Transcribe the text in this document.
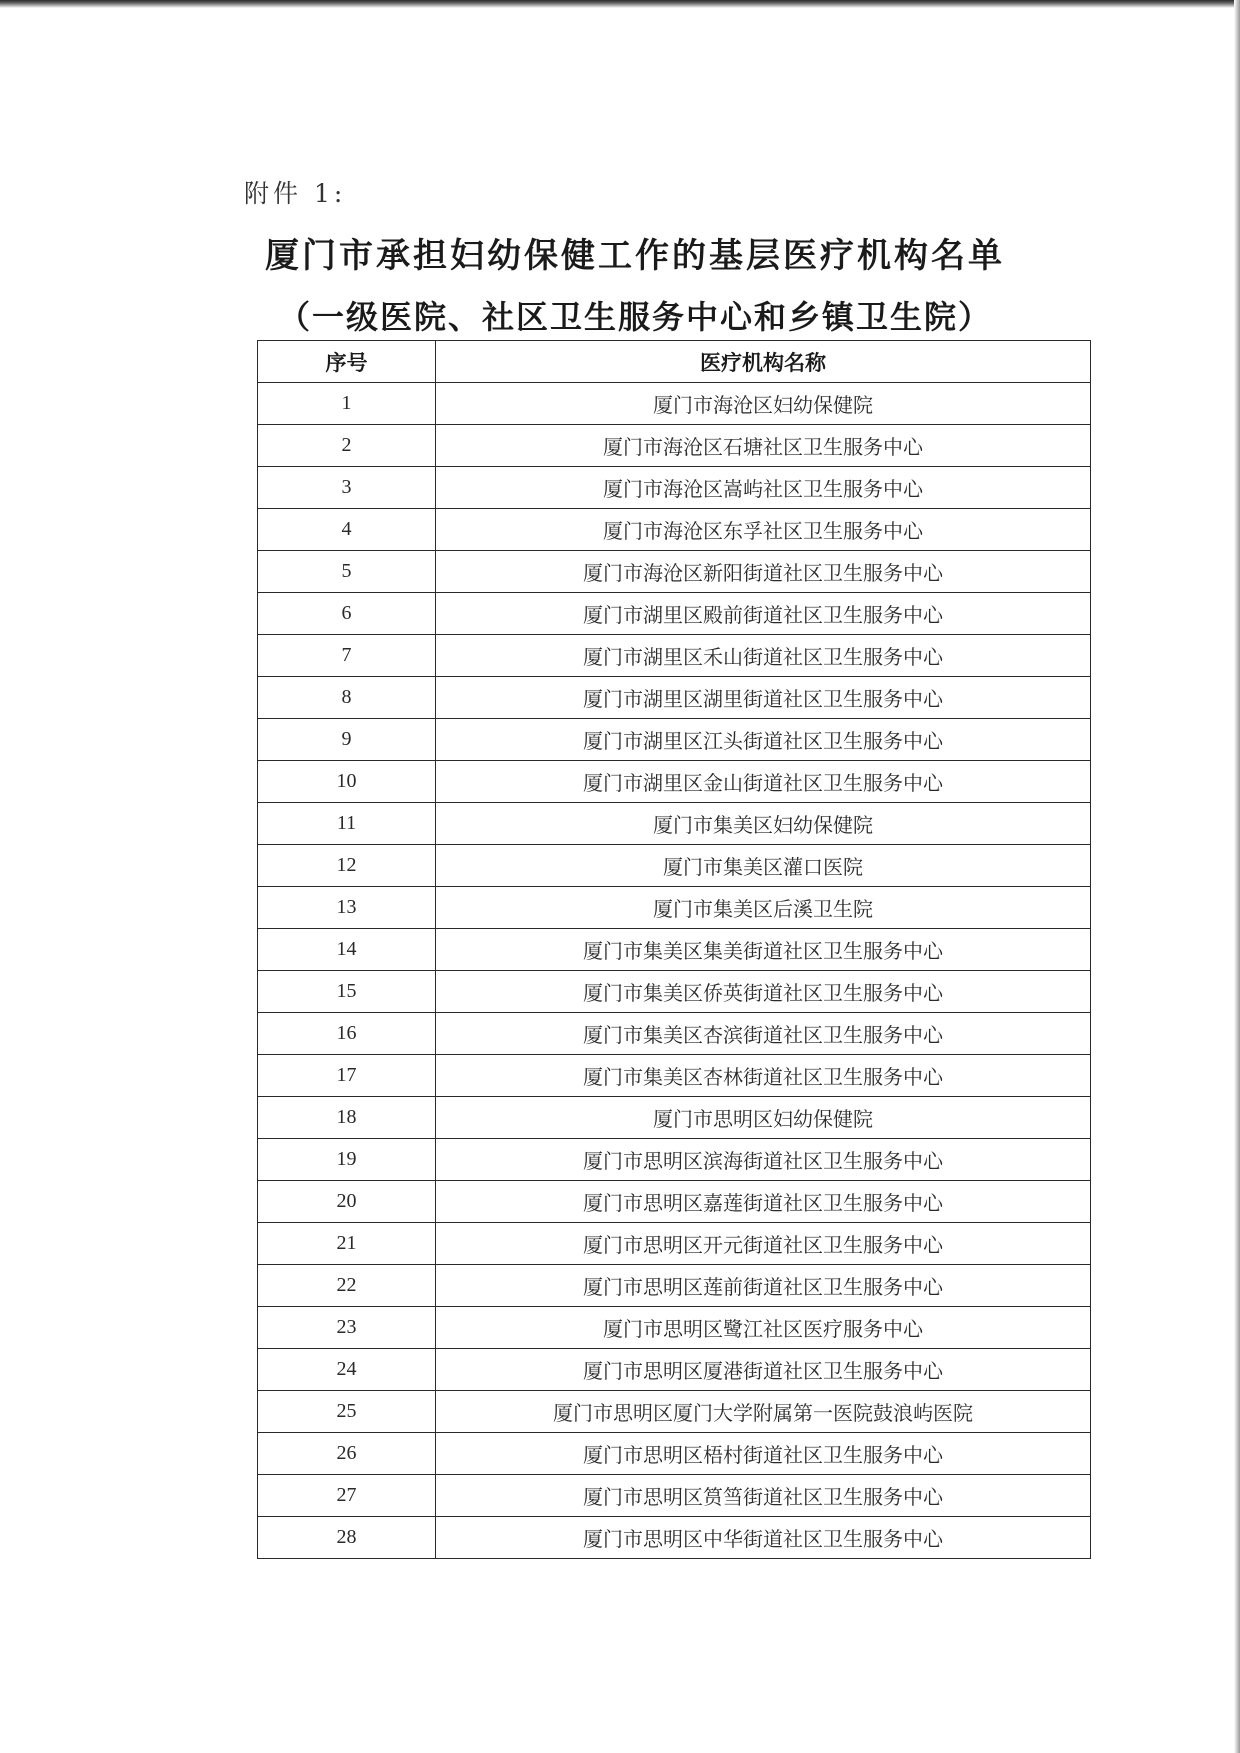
附件 1:
厦门市承担妇幼保健工作的基层医疗机构名单
（一级医院、社区卫生服务中心和乡镇卫生院）
序号	医疗机构名称
1	厦门市海沧区妇幼保健院
2	厦门市海沧区石塘社区卫生服务中心
3	厦门市海沧区嵩屿社区卫生服务中心
4	厦门市海沧区东孚社区卫生服务中心
5	厦门市海沧区新阳街道社区卫生服务中心
6	厦门市湖里区殿前街道社区卫生服务中心
7	厦门市湖里区禾山街道社区卫生服务中心
8	厦门市湖里区湖里街道社区卫生服务中心
9	厦门市湖里区江头街道社区卫生服务中心
10	厦门市湖里区金山街道社区卫生服务中心
11	厦门市集美区妇幼保健院
12	厦门市集美区灌口医院
13	厦门市集美区后溪卫生院
14	厦门市集美区集美街道社区卫生服务中心
15	厦门市集美区侨英街道社区卫生服务中心
16	厦门市集美区杏滨街道社区卫生服务中心
17	厦门市集美区杏林街道社区卫生服务中心
18	厦门市思明区妇幼保健院
19	厦门市思明区滨海街道社区卫生服务中心
20	厦门市思明区嘉莲街道社区卫生服务中心
21	厦门市思明区开元街道社区卫生服务中心
22	厦门市思明区莲前街道社区卫生服务中心
23	厦门市思明区鹭江社区医疗服务中心
24	厦门市思明区厦港街道社区卫生服务中心
25	厦门市思明区厦门大学附属第一医院鼓浪屿医院
26	厦门市思明区梧村街道社区卫生服务中心
27	厦门市思明区筼筜街道社区卫生服务中心
28	厦门市思明区中华街道社区卫生服务中心
